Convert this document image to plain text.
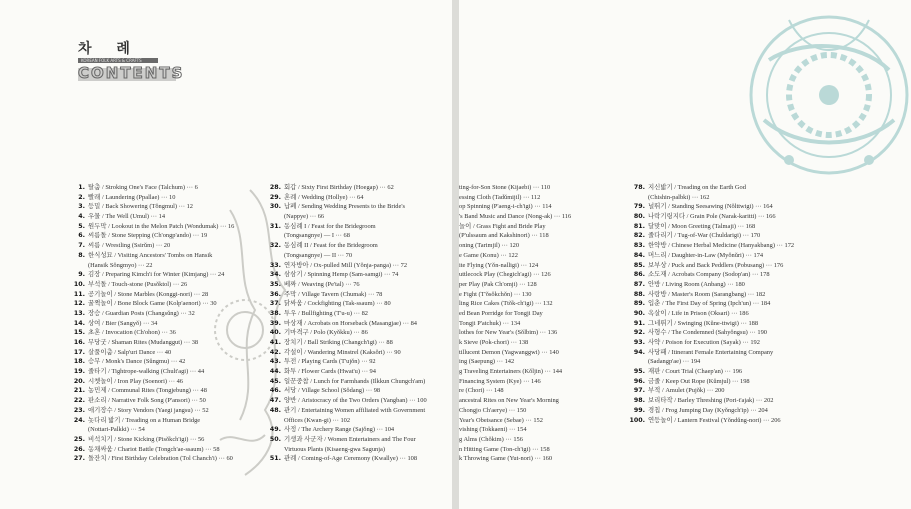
차 례
KOREAN FOLK ARTS & CRAFTS
CONTENTS
1. 탈춤 / Stroking One's Face (Talchum) ··· 6
2. 빨래 / Laundering (Ppallae) ··· 10
3. 등밀 / Back Showering (Tŏngmul) ··· 12
4. 우물 / The Well (Umul) ··· 14
5. 원두막 / Lookout in the Melon Patch (Wondumak) ··· 16
6. 씨름돌 / Stone Stepping (Ch'ongp'ando) ··· 19
7. 씨름 / Wrestling (Ssirŭm) ··· 20
8. 한식성묘 / Visiting Ancestors' Tombs on Hansik
(Hansik Sŏngmyo) ··· 22
9. 김장 / Preparing Kimch'i for Winter (Kimjang) ··· 24
10. 부석돌 / Touch-stone (Pusŏktol) ··· 26
11. 공기놀이 / Stone Marbles (Konggi-nori) ··· 28
12. 꿀쩍놀이 / Bone Block Game (Kolp'aenori) ··· 30
13. 장승 / Guardian Posts (Changsŭng) ··· 32
14. 상여 / Bier (Sangyŏ) ··· 34
15. 초혼 / Invocation (Ch'ohon) ··· 36
16. 무당굿 / Shaman Rites (Mudanggut) ··· 38
17. 살풀이춤 / Salp'uri Dance ··· 40
18. 승무 / Monk's Dance (Sŭngmu) ··· 42
19. 줄타기 / Tightrope-walking (Chult'agi) ··· 44
20. 시쳇놀이 / Iron Play (Soenori) ··· 46
21. 농민제 / Communal Rites (Tongjebung) ··· 48
22. 판소리 / Narrative Folk Song (P'ansori) ··· 50
23. 애기장수 / Story Vendors (Yaegi jangsu) ··· 52
24. 놋다리 밟기 / Treading on a Human Bridge
(Nottari-Palkki) ··· 54
25. 비석치기 / Stone Kicking (Pisŏkch'igi) ··· 56
26. 동채싸움 / Chariot Battle (Tongch'ae-ssaum) ··· 58
27. 돌잔치 / First Birthday Celebration (Tol Chanch'i) ··· 60
28. 회갑 / Sixty First Birthday (Hoegap) ··· 62
29. 혼례 / Wedding (Hollye) ··· 64
30. 납폐 / Sending Wedding Presents to the Bride's
(Nappye) ··· 66
31. 동심례 I / Feast for the Bridegroom
(Tongsangnye) — I ··· 68
32. 동심례 II / Feast for the Bridegroom
(Tongsangnye) — II ··· 70
33. 연자방아 / Ox-pulled Mill (Yŏnja-panga) ··· 72
34. 삼삼기 / Spinning Hemp (Sam-samgi) ··· 74
35. 베짜 / Weaving (Pe'tal) ··· 76
36. 주막 / Village Tavern (Chumak) ··· 78
37. 닭싸움 / Cockfighting (Tak-ssaum) ··· 80
38. 투우 / Bullfighting (T'u-u) ··· 82
39. 마상재 / Acrobats on Horseback (Masangjae) ··· 84
40. 기마격구 / Polo (Kyŏkku) ··· 86
41. 장치기 / Ball Striking (Changch'igi) ··· 88
42. 각설이 / Wandering Minstrel (Kaksŏri) ··· 90
43. 투전 / Playing Cards (T'ujŏn) ··· 92
44. 화투 / Flower Cards (Hwat'u) ··· 94
45. 일꾼중참 / Lunch for Farmhands (Ilkkun Chungch'am)
46. 서당 / Village School (Sŏdang) ··· 98
47. 양반 / Aristocracy of the Two Orders (Yangban) ··· 100
48. 관기 / Entertaining Women affiliated with Government
Offices (Kwan-gi) ··· 102
49. 사정 / The Archery Range (Sajŏng) ··· 104
50. 기생과 사군자 / Women Entertainers and The Four
Virtuous Plants (Kisaeng-gwa Sagunja)
51. 관례 / Coming-of-Age Ceremony (Kwallye) ··· 108
ting-for-Son Stone (Kijaebi) ··· 110
essing Cloth (Tadŭmijil) ··· 112
op Spinning (P'aeng-i-ch'igi) ··· 114
's Band Music and Dance (Nong-ak) ··· 116
놀이 / Grass Fight and Bride Play
(P'ulssaum and Kakshinori) ··· 118
oning (Tarimjil) ··· 120
e Game (Konu) ··· 122
ite Flying (Yŏn-nalligi) ··· 124
uttlecock Play (Chegich'agi) ··· 126
per Play (Pak Ch'omji) ··· 128
e Fight (T'ŏsŏkchŏn) ··· 130
ling Rice Cakes (Ttŏk-ch'igi) ··· 132
ed Bean Porridge for Tongji Day
Tongji P'atchuk) ··· 134
lothes for New Year's (Sŏlbim) ··· 136
k Sieve (Pok-chori) ··· 138
tillucent Demon (Yagwanggwi) ··· 140
ing (Saepung) ··· 142
g Traveling Entertainers (Kŏljin) ··· 144
Financing System (Kye) ··· 146
re (Chori) ··· 148
ancestral Rites on New Year's Morning
Chongjo Ch'aerye) ··· 150
Year's Obeisance (Sebae) ··· 152
vishing (Tokkaeni) ··· 154
g Alms (Chŏkim) ··· 156
n Hitting Game (Ton-ch'igi) ··· 158
k Throwing Game (Yut-nori) ··· 160
78. 지신밟기 / Treading on the Earth God
(Chishin-palbki) ··· 162
79. 널뛰기 / Standing Seesawing (Nŏlttwigi) ··· 164
80. 나락기링지다 / Grain Pole (Narak-karitti) ··· 166
81. 달맞이 / Moon Greeting (Talmaji) ··· 168
82. 줄다리기 / Tug-of-War (Chuldarigi) ··· 170
83. 한약방 / Chinese Herbal Medicine (Hanyakbang) ··· 172
84. 머느리 / Daughter-in-Law (Myŏnŭri) ··· 174
85. 보부상 / Puck and Back Peddlers (Pobusang) ··· 176
86. 소도재 / Acrobats Company (Sodop'an) ··· 178
87. 안방 / Living Room (Anbang) ··· 180
88. 사랑방 / Master's Room (Sarangbang) ··· 182
89. 입춘 / The First Day of Spring (Ipch'un) ··· 184
90. 옥살이 / Life in Prison (Oksari) ··· 186
91. 그네뛰기 / Swinging (Kŭne-ttwigi) ··· 188
92. 사형수 / The Condemned (Sahyŏngsu) ··· 190
93. 사약 / Poison for Execution (Sayak) ··· 192
94. 사당패 / Itinerant Female Entertaining Company
(Sadangp'ae) ··· 194
95. 재판 / Court Trial (Chaep'an) ··· 196
96. 금줄 / Keep Out Rope (Kŭmjul) ··· 198
97. 부적 / Amulet (Pujŏk) ··· 200
98. 보리타작 / Barley Threshing (Pori-t'ajak) ··· 202
99. 경칩 / Frog Jumping Day (Kyŏngch'ip) ··· 204
100. 연등놀이 / Lantern Festival (Yŏndŭng-nori) ··· 206
